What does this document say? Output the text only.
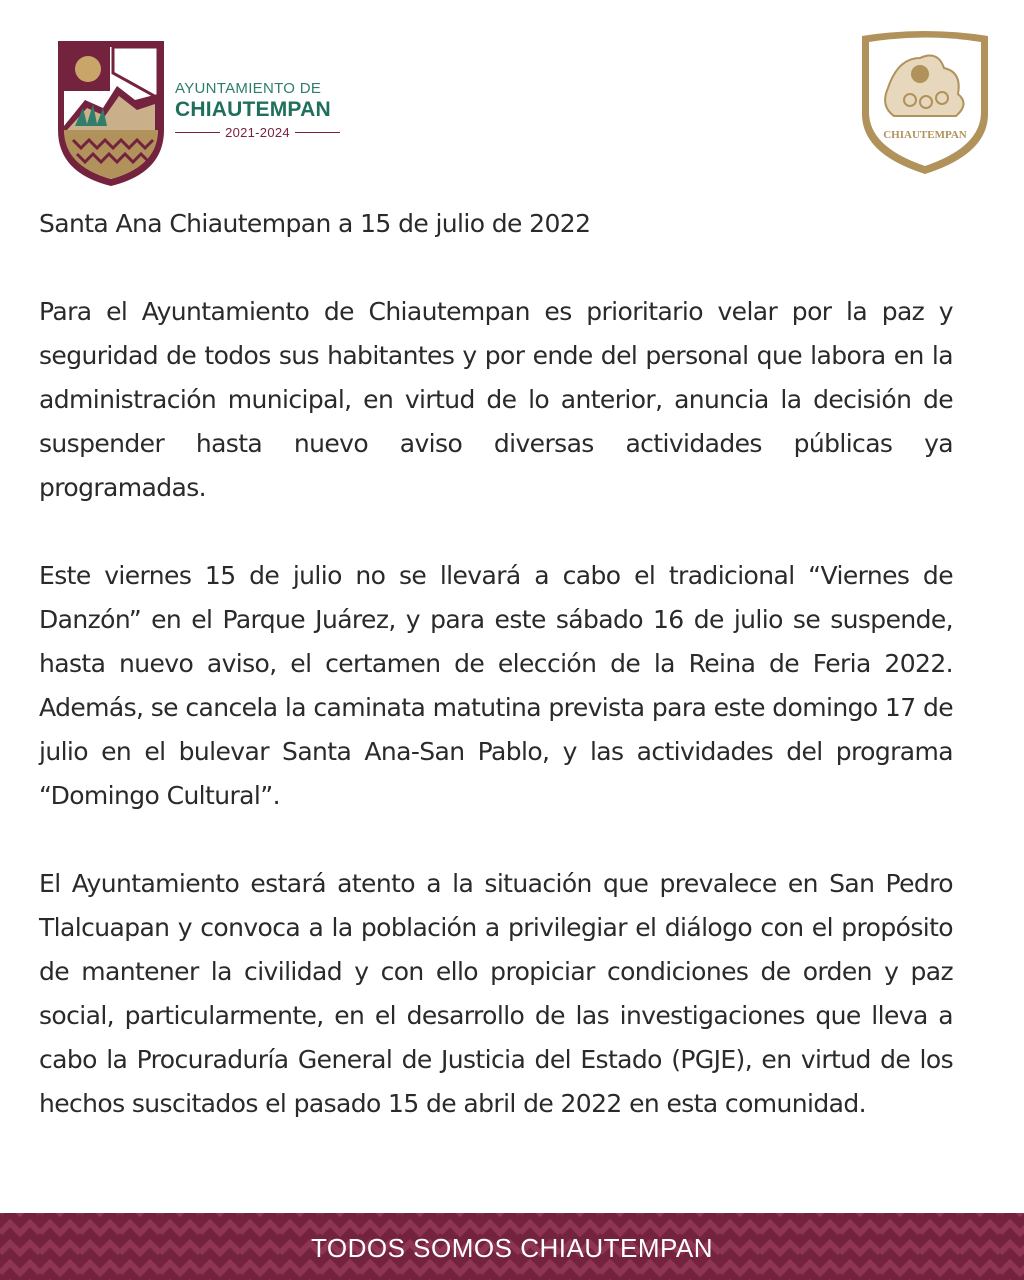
AYUNTAMIENTO DE
CHIAUTEMPAN
2021-2024	CHIAUTEMPAN

Santa Ana Chiautempan a 15 de julio de 2022

Para el Ayuntamiento de Chiautempan es prioritario velar por la paz y seguridad de todos sus habitantes y por ende del personal que labora en la administración municipal, en virtud de lo anterior, anuncia la decisión de suspender hasta nuevo aviso diversas actividades públicas ya programadas.

Este viernes 15 de julio no se llevará a cabo el tradicional “Viernes de Danzón” en el Parque Juárez, y para este sábado 16 de julio se suspende, hasta nuevo aviso, el certamen de elección de la Reina de Feria 2022. Además, se cancela la caminata matutina prevista para este domingo 17 de julio en el bulevar Santa Ana-San Pablo, y las actividades del programa “Domingo Cultural”.

El Ayuntamiento estará atento a la situación que prevalece en San Pedro Tlalcuapan y convoca a la población a privilegiar el diálogo con el propósito de mantener la civilidad y con ello propiciar condiciones de orden y paz social, particularmente, en el desarrollo de las investigaciones que lleva a cabo la Procuraduría General de Justicia del Estado (PGJE), en virtud de los hechos suscitados el pasado 15 de abril de 2022 en esta comunidad.

TODOS SOMOS CHIAUTEMPAN
